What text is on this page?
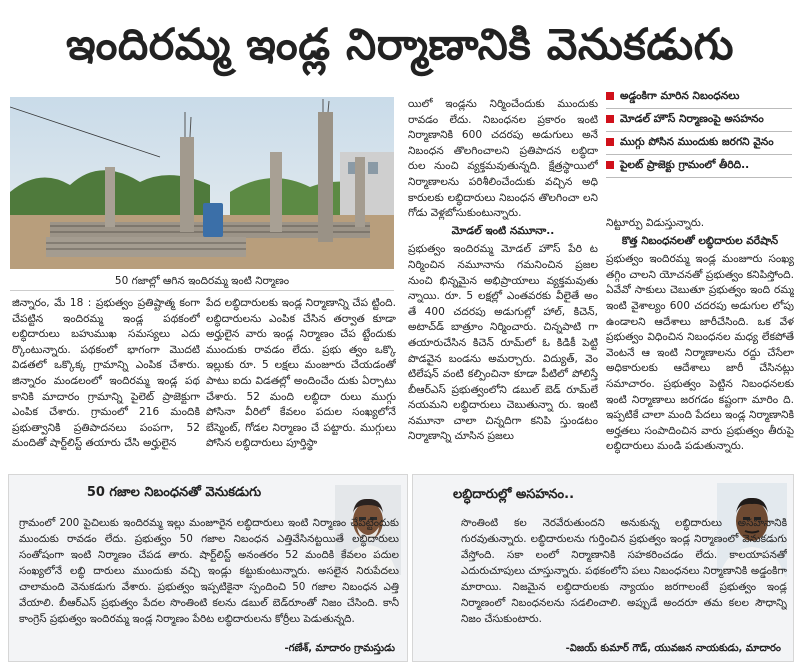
ఇందిరమ్మ ఇండ్ల నిర్మాణానికి వెనుకడుగు
50 గజాల్లో ఆగిన ఇందిరమ్మ ఇంటి నిర్మాణం
అడ్డంకిగా మారిన నిబంధనలు
మోడల్ హౌస్ నిర్మాణంపై అసహనం
ముగ్గు పోసిన ముందుకు జరగని వైనం
పైలట్ ప్రాజెక్టు గ్రామంలో తీరిది..

జిన్నారం, మే 18 : ప్రభుత్వం ప్రతిష్టాత్మ కంగా చేపట్టిన ఇందిరమ్మ ఇండ్ల పథకంలో లబ్ధిదారులు బహుముఖ సమస్యలు ఎదు ర్కొంటున్నారు. పథకంలో భాగంగా మొదటి విడతలో ఒక్కొక్క గ్రామాన్ని ఎంపిక చేశారు. జిన్నారం మండలంలో ఇందిరమ్మ ఇండ్ల పథ కానికి మాదారం గ్రామాన్ని పైలెట్ ప్రాజెక్టుగా ఎంపిక చేశారు. గ్రామంలో 216 మందికి ప్రభుత్వానికి ప్రతిపాదనలు పంపగా, 52 మందితో షార్ట్‌లిస్ట్ తయారు చేసి అర్హులైన

పేద లబ్ధిదారులకు ఇండ్ల నిర్మాణాన్ని చేప ట్టింది. లబ్ధిదారులను ఎంపిక చేసిన తర్వాత కూడా అర్హులైన వారు ఇండ్ల నిర్మాణం చేప ట్టేందుకు ముందుకు రావడం లేదు. ప్రభు త్వం ఒక్కొ ఇల్లుకు రూ. 5 లక్షలు మంజూరు చేయడంతో పాటు ఐదు విడతల్లో అందించేం దుకు ఏర్పాటు చేశారు. 52 మంది లబ్ధిదా రులు ముగ్గు పోసినా వీరిలో కేవలం పదుల సంఖ్యలోనే బేస్మెంట్, గోడల నిర్మాణం చే పట్టారు. ముగ్గులు పోసిన లబ్ధిదారులు పూర్తిస్థా

యిలో ఇండ్లను నిర్మించేందుకు ముందుకు రావడం లేదు. నిబంధనల ప్రకారం ఇంటి నిర్మాణానికి 600 చదరపు అడుగులు అనే నిబంధన తొలగించాలని ప్రతిపాదన లబ్ధిదా రుల నుంచి వ్యక్తమవుతున్నది. క్షేత్రస్థాయిలో నిర్మాణాలను పరిశీలించేందుకు వచ్చిన అధి కారులకు లబ్ధిదారులు నిబంధన తొలగించా లని గోడు వెళ్లబోసుకుంటున్నారు.

మోడల్ ఇంటి నమూనా..

ప్రభుత్వం ఇందిరమ్మ మోడల్ హౌస్ పేరి ట నిర్మించిన నమూనాను గమనించిన ప్రజల నుంచి భిన్నమైన అభిప్రాయాలు వ్యక్తమవుతు న్నాయి. రూ. 5 లక్షల్లో ఎంతవరకు వీలైతే అం తే 400 చదరపు అడుగుల్లో హాల్, కిచెన్, అటాచ్‌డ్ బాత్రూం నిర్మించారు. చిన్నపాటి గా తయారుచేసిన కిచెన్ రూమ్‌లో ఓ కిడికీ పెట్టి పొడవైన బండను అమర్చారు. విద్యుత్, వెం టిలేషన్ వంటి కల్పించినా కూడా పీటిలో పోలిస్తే బీఆర్ఎస్ ప్రభుత్వంలోని డబుల్ బెడ్ రూమ్‌లే నయమని లబ్ధిదారులు చెబుతున్నా రు. ఇంటి నమూనా చాలా చిన్నదిగా కనిపి స్తుండటం నిర్మాణాన్ని చూసిన ప్రజలు

నిట్టూర్పు విడుస్తున్నారు.

కొత్త నిబంధనలతో లబ్ధిదారుల వరేషాన్

ప్రభుత్వం ఇందిరమ్మ ఇండ్ల మంజూరు సంఖ్య తగ్గిం చాలని యోచనతో ప్రభుత్వం కనిపిస్తోంది. ఏవేవో సాకులు చెబుతూ ప్రభుత్వం ఇంది రమ్మ ఇంటి వైశాల్యం 600 చదరపు అడుగుల లోపు ఉండాలని ఆదేశాలు జారీచేసింది. ఒక వేళ ప్రభుత్వం విధించిన నిబంధనల మధ్య లేకపోతే వెంటనే ఆ ఇంటి నిర్మాణాలను రద్దు చేసేలా అధికారులకు ఆదేశాలు జారీ చేసినట్లు సమాచారం. ప్రభుత్వం పెట్టిన నిబంధనలకు ఇంటి నిర్మాణాలు జరగడం కష్టంగా మారిం ది. ఇప్పటికే చాలా మంది పేదలు ఇండ్ల నిర్మాణానికి అర్హతలు సంపాదించిన వారు ప్రభుత్వం తీరుపై లబ్ధిదారులు మండి పడుతున్నారు.

50 గజాల నిబంధనతో వెనుకడుగు
గ్రామంలో 200 పైచిలుకు ఇందిరమ్మ ఇల్లు మంజూరైన లబ్ధిదారులు ఇంటి నిర్మాణం చేపట్టేందుకు ముందుకు రావడం లేదు. ప్రభుత్వం 50 గజాల నిబంధన ఎత్తివేసినట్టయితే లబ్ధిదారులు సంతోషంగా ఇంటి నిర్మాణం చేపడ తారు. షార్ట్‌లిస్ట్ అనంతరం 52 మందికి కేవలం పదుల సంఖ్యలోనే లబ్ధి దారులు ముందుకు వచ్చి ఇండ్లు కట్టుకుంటున్నారు. అసలైన నిరుపేదలు చాలామంది వెనుకడుగు వేశారు. ప్రభుత్వం ఇప్పటికైనా స్పందించి 50 గజాల నిబంధన ఎత్తి వేయాలి. బీఆర్ఎస్ ప్రభుత్వం పేదల సొంతింటి కలను డబుల్ బెడ్‌రూంతో నిజం చేసింది. కానీ కాంగ్రెస్ ప్రభుత్వం ఇందిరమ్మ ఇండ్ల నిర్మాణం పేరిట లబ్ధిదారులను కోర్రీలు పెడుతున్నది.
-గణేశ్, మాదారం గ్రామస్తుడు
లబ్ధిదారుల్లో అసహనం..
సొంతింటి కల నెరవేరుతుందని అనుకున్న లబ్ధిదారులు అసహనానికి గురవుతున్నారు. లబ్ధిదారులను గుర్తించిన ప్రభుత్వం ఇండ్ల నిర్మాణంలో వెనుకడుగు వేస్తోంది. సకా లంలో నిర్మాణానికి సహకరించడం లేదు. కాలయాపనతో ఎదురుచూపులు చూస్తున్నారు. పథకంలోని పలు నిబంధనలు నిర్మాణానికి అడ్డంకిగా మారాయి. నిజమైన లబ్ధిదారులకు న్యాయం జరగాలంటే ప్రభుత్వం ఇండ్ల నిర్మాణంలో నిబంధనలను సడలించాలి. అప్పుడే అందరూ తమ కలల సౌధాన్ని నిజం చేసుకుంటారు.
-విజయ్ కుమార్ గౌడ్, యువజన నాయకుడు, మాదారం
